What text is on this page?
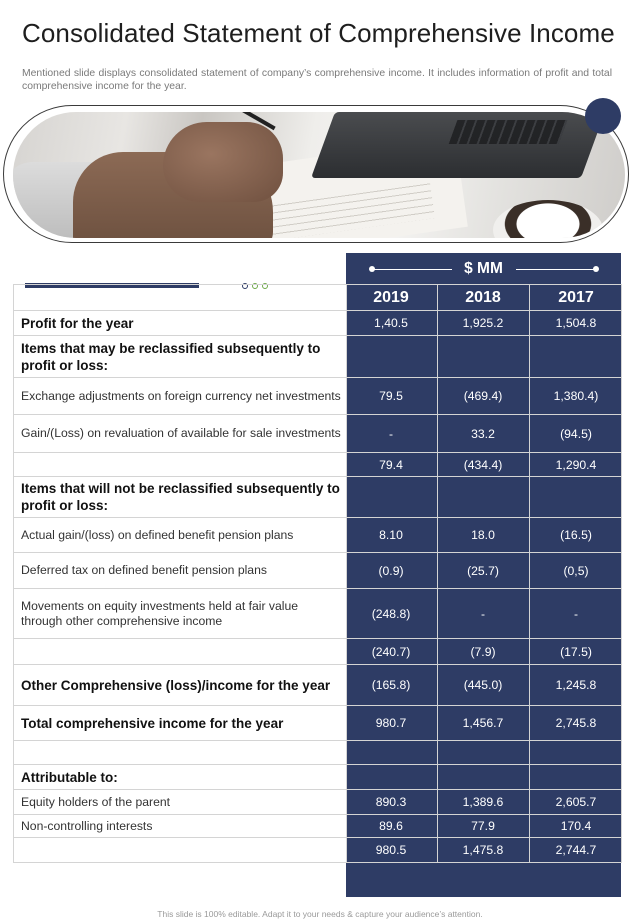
Consolidated Statement of Comprehensive Income
Mentioned slide displays consolidated statement of company’s comprehensive income. It includes information of profit and total comprehensive income for the year.
$ MM
2019	2018	2017
Profit for the year	1,40.5	1,925.2	1,504.8
Items that may be reclassified subsequently to profit or loss:
Exchange adjustments on foreign currency net investments	79.5	(469.4)	1,380.4)
Gain/(Loss) on revaluation of available for sale investments	-	33.2	(94.5)
79.4	(434.4)	1,290.4
Items that will not be reclassified subsequently to profit or loss:
Actual gain/(loss) on defined benefit pension plans	8.10	18.0	(16.5)
Deferred tax on defined benefit pension plans	(0.9)	(25.7)	(0,5)
Movements on equity investments held at fair value through other comprehensive income	(248.8)	-	-
(240.7)	(7.9)	(17.5)
Other Comprehensive (loss)/income for the year	(165.8)	(445.0)	1,245.8
Total comprehensive income for the year	980.7	1,456.7	2,745.8
Attributable to:
Equity holders of the parent	890.3	1,389.6	2,605.7
Non-controlling interests	89.6	77.9	170.4
980.5	1,475.8	2,744.7
This slide is 100% editable. Adapt it to your needs & capture your audience’s attention.
